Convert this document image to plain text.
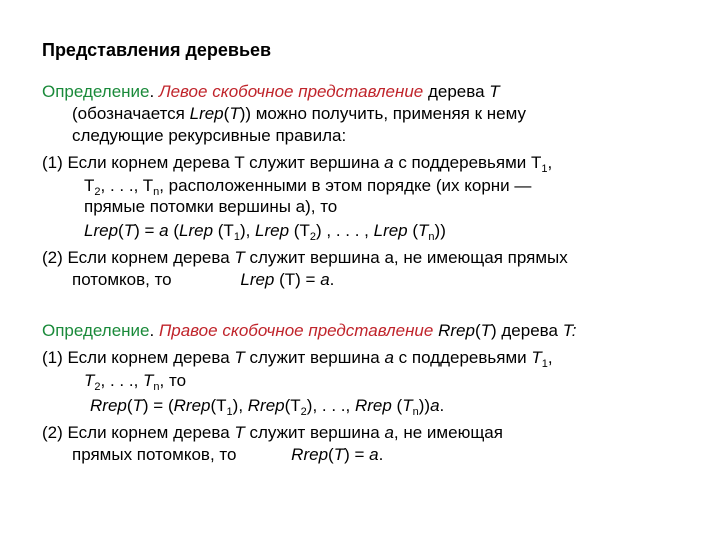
Представления деревьев
Определение. Левое скобочное представление дерева T
(обозначается Lrep(T)) можно получить, применяя к нему
следующие рекурсивные правила:
(1) Если корнем дерева T служит вершина a с поддеревьями $T_1$,
$T_2$, . . ., $T_n$, расположенными в этом порядке (их корни —
прямые потомки вершины a), то
Lrep(T) = a (Lrep $(T_1)$, Lrep $(T_2)$ , . . . , Lrep $(T_n)$)
(2) Если корнем дерева T служит вершина a, не имеющая прямых
потомков, то	Lrep (T) = a.
Определение. Правое скобочное представление Rrep(T) дерева T:
(1) Если корнем дерева T служит вершина a с поддеревьями $T_1$,
$T_2$, . . ., $T_n$, то
Rrep(T) = ($Rrep(T_1)$, $Rrep(T_2)$, . . ., Rrep $(T_n))a$.
(2) Если корнем дерева T служит вершина a, не имеющая
прямых потомков, то	Rrep(T) = a.
